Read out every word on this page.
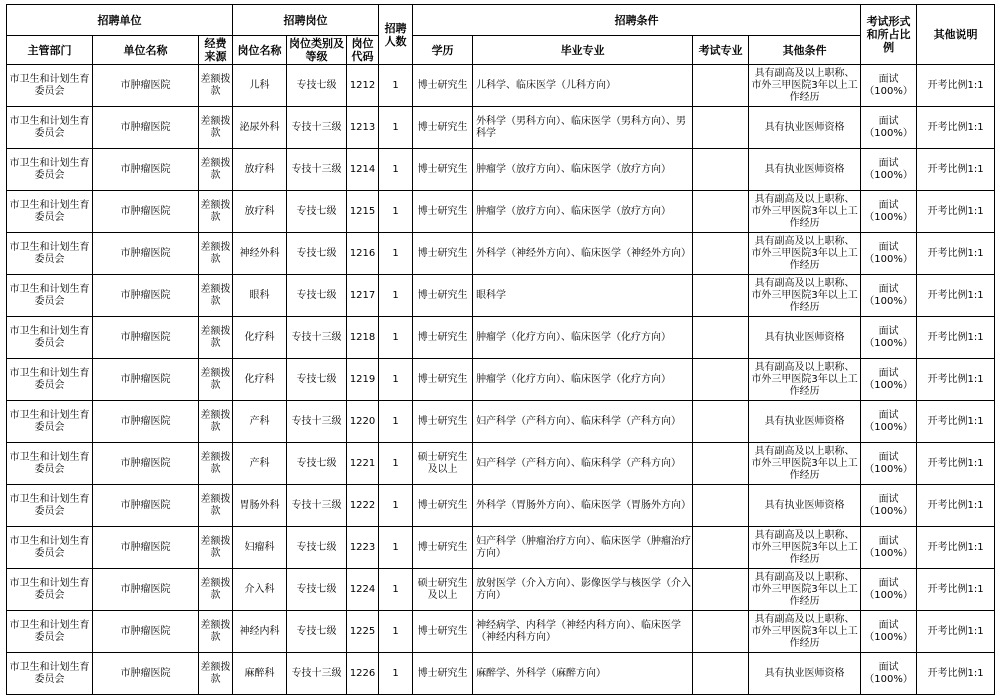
招聘单位			招聘岗位			招聘人数	招聘条件				考试形式和所占比例	其他说明
主管部门	单位名称	经费来源	岗位名称	岗位类别及等级	岗位代码		学历	毕业专业	考试专业	其他条件		
市卫生和计划生育委员会	市肿瘤医院	差额拨款	儿科	专技七级	1212	1	博士研究生	儿科学、临床医学（儿科方向）		具有副高及以上职称、市外三甲医院3年以上工作经历	面试（100%）	开考比例1:1
市卫生和计划生育委员会	市肿瘤医院	差额拨款	泌尿外科	专技十三级	1213	1	博士研究生	外科学（男科方向）、临床医学（男科方向）、男科学		具有执业医师资格	面试（100%）	开考比例1:1
市卫生和计划生育委员会	市肿瘤医院	差额拨款	放疗科	专技十三级	1214	1	博士研究生	肿瘤学（放疗方向）、临床医学（放疗方向）		具有执业医师资格	面试（100%）	开考比例1:1
市卫生和计划生育委员会	市肿瘤医院	差额拨款	放疗科	专技七级	1215	1	博士研究生	肿瘤学（放疗方向）、临床医学（放疗方向）		具有副高及以上职称、市外三甲医院3年以上工作经历	面试（100%）	开考比例1:1
市卫生和计划生育委员会	市肿瘤医院	差额拨款	神经外科	专技七级	1216	1	博士研究生	外科学（神经外方向）、临床医学（神经外方向）		具有副高及以上职称、市外三甲医院3年以上工作经历	面试（100%）	开考比例1:1
市卫生和计划生育委员会	市肿瘤医院	差额拨款	眼科	专技七级	1217	1	博士研究生	眼科学		具有副高及以上职称、市外三甲医院3年以上工作经历	面试（100%）	开考比例1:1
市卫生和计划生育委员会	市肿瘤医院	差额拨款	化疗科	专技十三级	1218	1	博士研究生	肿瘤学（化疗方向）、临床医学（化疗方向）		具有执业医师资格	面试（100%）	开考比例1:1
市卫生和计划生育委员会	市肿瘤医院	差额拨款	化疗科	专技七级	1219	1	博士研究生	肿瘤学（化疗方向）、临床医学（化疗方向）		具有副高及以上职称、市外三甲医院3年以上工作经历	面试（100%）	开考比例1:1
市卫生和计划生育委员会	市肿瘤医院	差额拨款	产科	专技十三级	1220	1	博士研究生	妇产科学（产科方向）、临床科学（产科方向）		具有执业医师资格	面试（100%）	开考比例1:1
市卫生和计划生育委员会	市肿瘤医院	差额拨款	产科	专技七级	1221	1	硕士研究生及以上	妇产科学（产科方向）、临床科学（产科方向）		具有副高及以上职称、市外三甲医院3年以上工作经历	面试（100%）	开考比例1:1
市卫生和计划生育委员会	市肿瘤医院	差额拨款	胃肠外科	专技十三级	1222	1	博士研究生	外科学（胃肠外方向）、临床医学（胃肠外方向）		具有执业医师资格	面试（100%）	开考比例1:1
市卫生和计划生育委员会	市肿瘤医院	差额拨款	妇瘤科	专技七级	1223	1	博士研究生	妇产科学（肿瘤治疗方向）、临床医学（肿瘤治疗方向）		具有副高及以上职称、市外三甲医院3年以上工作经历	面试（100%）	开考比例1:1
市卫生和计划生育委员会	市肿瘤医院	差额拨款	介入科	专技七级	1224	1	硕士研究生及以上	放射医学（介入方向）、影像医学与核医学（介入方向）		具有副高及以上职称、市外三甲医院3年以上工作经历	面试（100%）	开考比例1:1
市卫生和计划生育委员会	市肿瘤医院	差额拨款	神经内科	专技七级	1225	1	博士研究生	神经病学、内科学（神经内科方向）、临床医学（神经内科方向）		具有副高及以上职称、市外三甲医院3年以上工作经历	面试（100%）	开考比例1:1
市卫生和计划生育委员会	市肿瘤医院	差额拨款	麻醉科	专技十三级	1226	1	博士研究生	麻醉学、外科学（麻醉方向）		具有执业医师资格	面试（100%）	开考比例1:1
